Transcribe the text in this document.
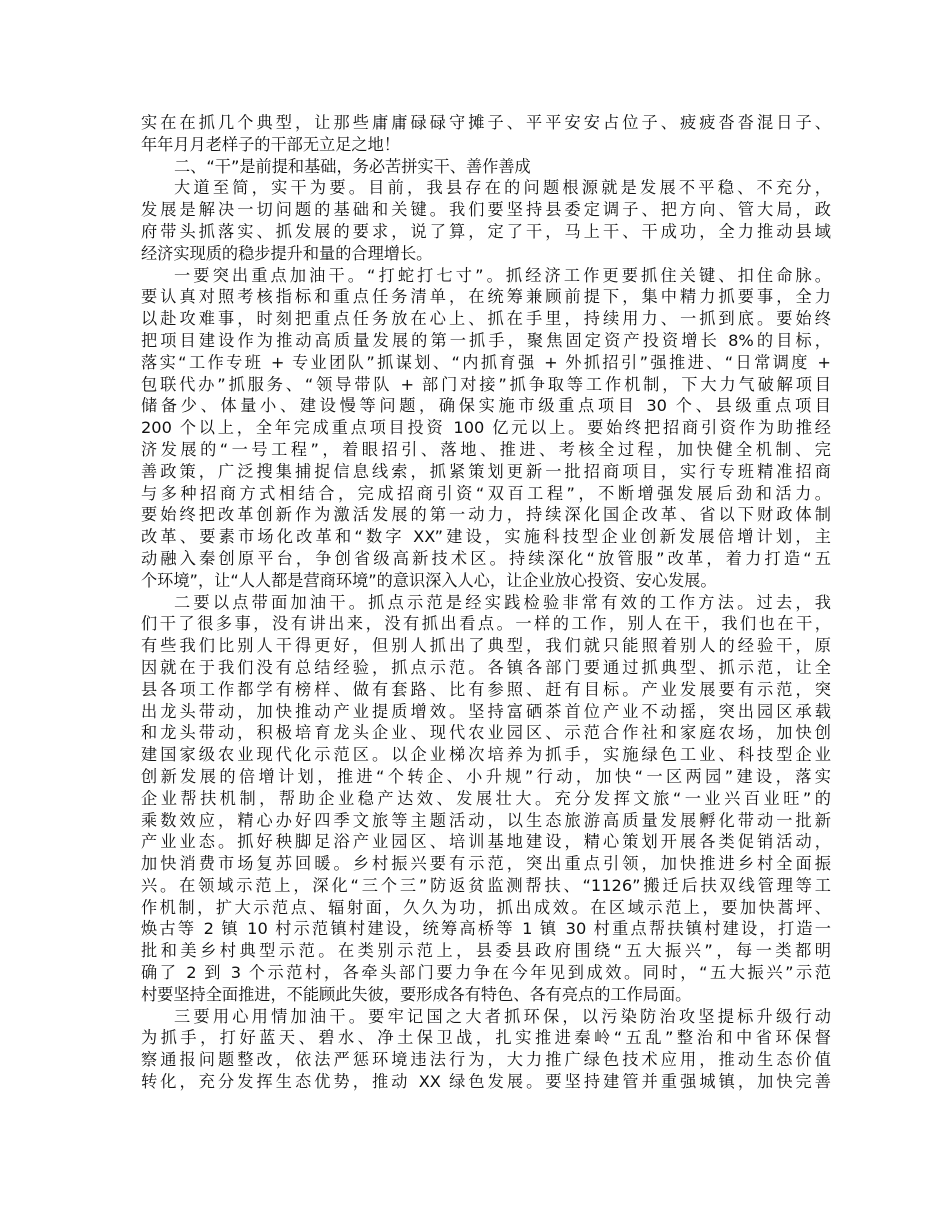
实在在抓几个典型，让那些庸庸碌碌守摊子、平平安安占位子、疲疲沓沓混日子、
年年月月老样子的干部无立足之地！
二、“干”是前提和基础，务必苦拼实干、善作善成
大道至简，实干为要。目前，我县存在的问题根源就是发展不平稳、不充分，
发展是解决一切问题的基础和关键。我们要坚持县委定调子、把方向、管大局，政
府带头抓落实、抓发展的要求，说了算，定了干，马上干、干成功，全力推动县域
经济实现质的稳步提升和量的合理增长。
一要突出重点加油干。“打蛇打七寸”。抓经济工作更要抓住关键、扣住命脉。
要认真对照考核指标和重点任务清单，在统筹兼顾前提下，集中精力抓要事，全力
以赴攻难事，时刻把重点任务放在心上、抓在手里，持续用力、一抓到底。要始终
把项目建设作为推动高质量发展的第一抓手，聚焦固定资产投资增长 8%的目标，
落实“工作专班 + 专业团队”抓谋划、“内抓育强 + 外抓招引”强推进、“日常调度 +
包联代办”抓服务、“领导带队 + 部门对接”抓争取等工作机制，下大力气破解项目
储备少、体量小、建设慢等问题，确保实施市级重点项目 30 个、县级重点项目
200 个以上，全年完成重点项目投资 100 亿元以上。要始终把招商引资作为助推经
济发展的“一号工程”，着眼招引、落地、推进、考核全过程，加快健全机制、完
善政策，广泛搜集捕捉信息线索，抓紧策划更新一批招商项目，实行专班精准招商
与多种招商方式相结合，完成招商引资“双百工程”，不断增强发展后劲和活力。
要始终把改革创新作为激活发展的第一动力，持续深化国企改革、省以下财政体制
改革、要素市场化改革和“数字 XX”建设，实施科技型企业创新发展倍增计划，主
动融入秦创原平台，争创省级高新技术区。持续深化“放管服”改革，着力打造“五
个环境”，让“人人都是营商环境”的意识深入人心，让企业放心投资、安心发展。
二要以点带面加油干。抓点示范是经实践检验非常有效的工作方法。过去，我
们干了很多事，没有讲出来，没有抓出看点。一样的工作，别人在干，我们也在干，
有些我们比别人干得更好，但别人抓出了典型，我们就只能照着别人的经验干，原
因就在于我们没有总结经验，抓点示范。各镇各部门要通过抓典型、抓示范，让全
县各项工作都学有榜样、做有套路、比有参照、赶有目标。产业发展要有示范，突
出龙头带动，加快推动产业提质增效。坚持富硒茶首位产业不动摇，突出园区承载
和龙头带动，积极培育龙头企业、现代农业园区、示范合作社和家庭农场，加快创
建国家级农业现代化示范区。以企业梯次培养为抓手，实施绿色工业、科技型企业
创新发展的倍增计划，推进“个转企、小升规”行动，加快“一区两园”建设，落实
企业帮扶机制，帮助企业稳产达效、发展壮大。充分发挥文旅“一业兴百业旺”的
乘数效应，精心办好四季文旅等主题活动，以生态旅游高质量发展孵化带动一批新
产业业态。抓好秧脚足浴产业园区、培训基地建设，精心策划开展各类促销活动，
加快消费市场复苏回暖。乡村振兴要有示范，突出重点引领，加快推进乡村全面振
兴。在领域示范上，深化“三个三”防返贫监测帮扶、“1126”搬迁后扶双线管理等工
作机制，扩大示范点、辐射面，久久为功，抓出成效。在区域示范上，要加快蒿坪、
焕古等 2 镇 10 村示范镇村建设，统筹高桥等 1 镇 30 村重点帮扶镇村建设，打造一
批和美乡村典型示范。在类别示范上，县委县政府围绕“五大振兴”，每一类都明
确了 2 到 3 个示范村，各牵头部门要力争在今年见到成效。同时，“五大振兴”示范
村要坚持全面推进，不能顾此失彼，要形成各有特色、各有亮点的工作局面。
三要用心用情加油干。要牢记国之大者抓环保，以污染防治攻坚提标升级行动
为抓手，打好蓝天、碧水、净土保卫战，扎实推进秦岭“五乱”整治和中省环保督
察通报问题整改，依法严惩环境违法行为，大力推广绿色技术应用，推动生态价值
转化，充分发挥生态优势，推动 XX 绿色发展。要坚持建管并重强城镇，加快完善
